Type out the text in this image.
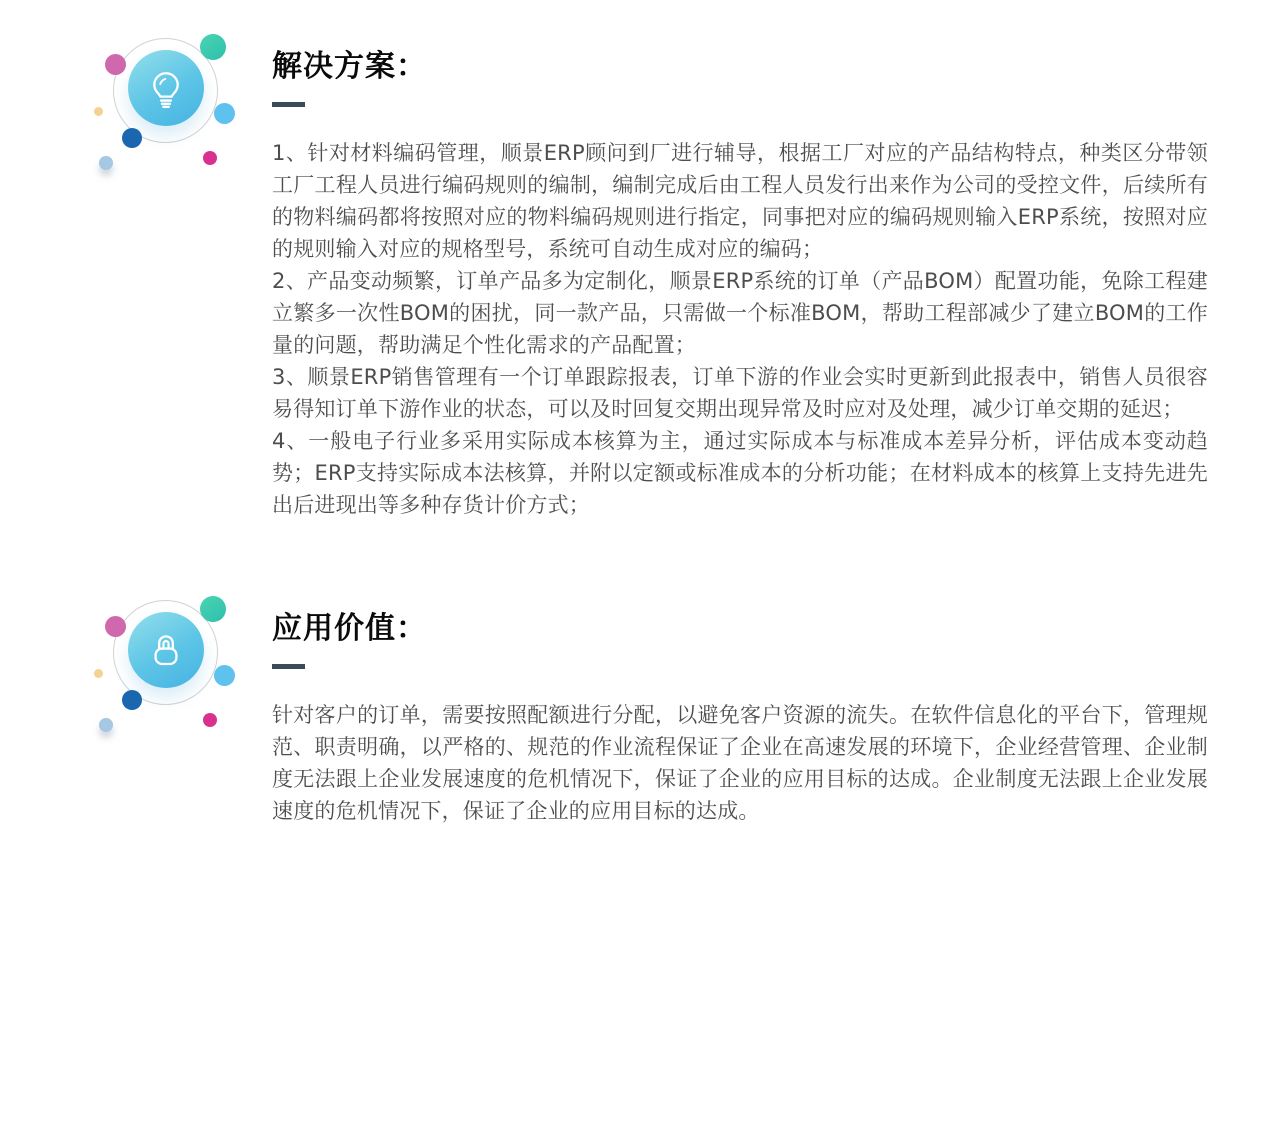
解决方案：

1、针对材料编码管理，顺景ERP顾问到厂进行辅导，根据工厂对应的产品结构特点，种类区分带领工厂工程人员进行编码规则的编制，编制完成后由工程人员发行出来作为公司的受控文件，后续所有的物料编码都将按照对应的物料编码规则进行指定，同事把对应的编码规则输入ERP系统，按照对应的规则输入对应的规格型号，系统可自动生成对应的编码；

2、产品变动频繁，订单产品多为定制化，顺景ERP系统的订单（产品BOM）配置功能，免除工程建立繁多一次性BOM的困扰，同一款产品，只需做一个标准BOM，帮助工程部减少了建立BOM的工作量的问题，帮助满足个性化需求的产品配置；

3、顺景ERP销售管理有一个订单跟踪报表，订单下游的作业会实时更新到此报表中，销售人员很容易得知订单下游作业的状态，可以及时回复交期出现异常及时应对及处理，减少订单交期的延迟；

4、一般电子行业多采用实际成本核算为主，通过实际成本与标准成本差异分析，评估成本变动趋势；ERP支持实际成本法核算，并附以定额或标准成本的分析功能；在材料成本的核算上支持先进先出后进现出等多种存货计价方式；

应用价值：

针对客户的订单，需要按照配额进行分配，以避免客户资源的流失。在软件信息化的平台下，管理规范、职责明确，以严格的、规范的作业流程保证了企业在高速发展的环境下，企业经营管理、企业制度无法跟上企业发展速度的危机情况下，保证了企业的应用目标的达成。企业制度无法跟上企业发展速度的危机情况下，保证了企业的应用目标的达成。
